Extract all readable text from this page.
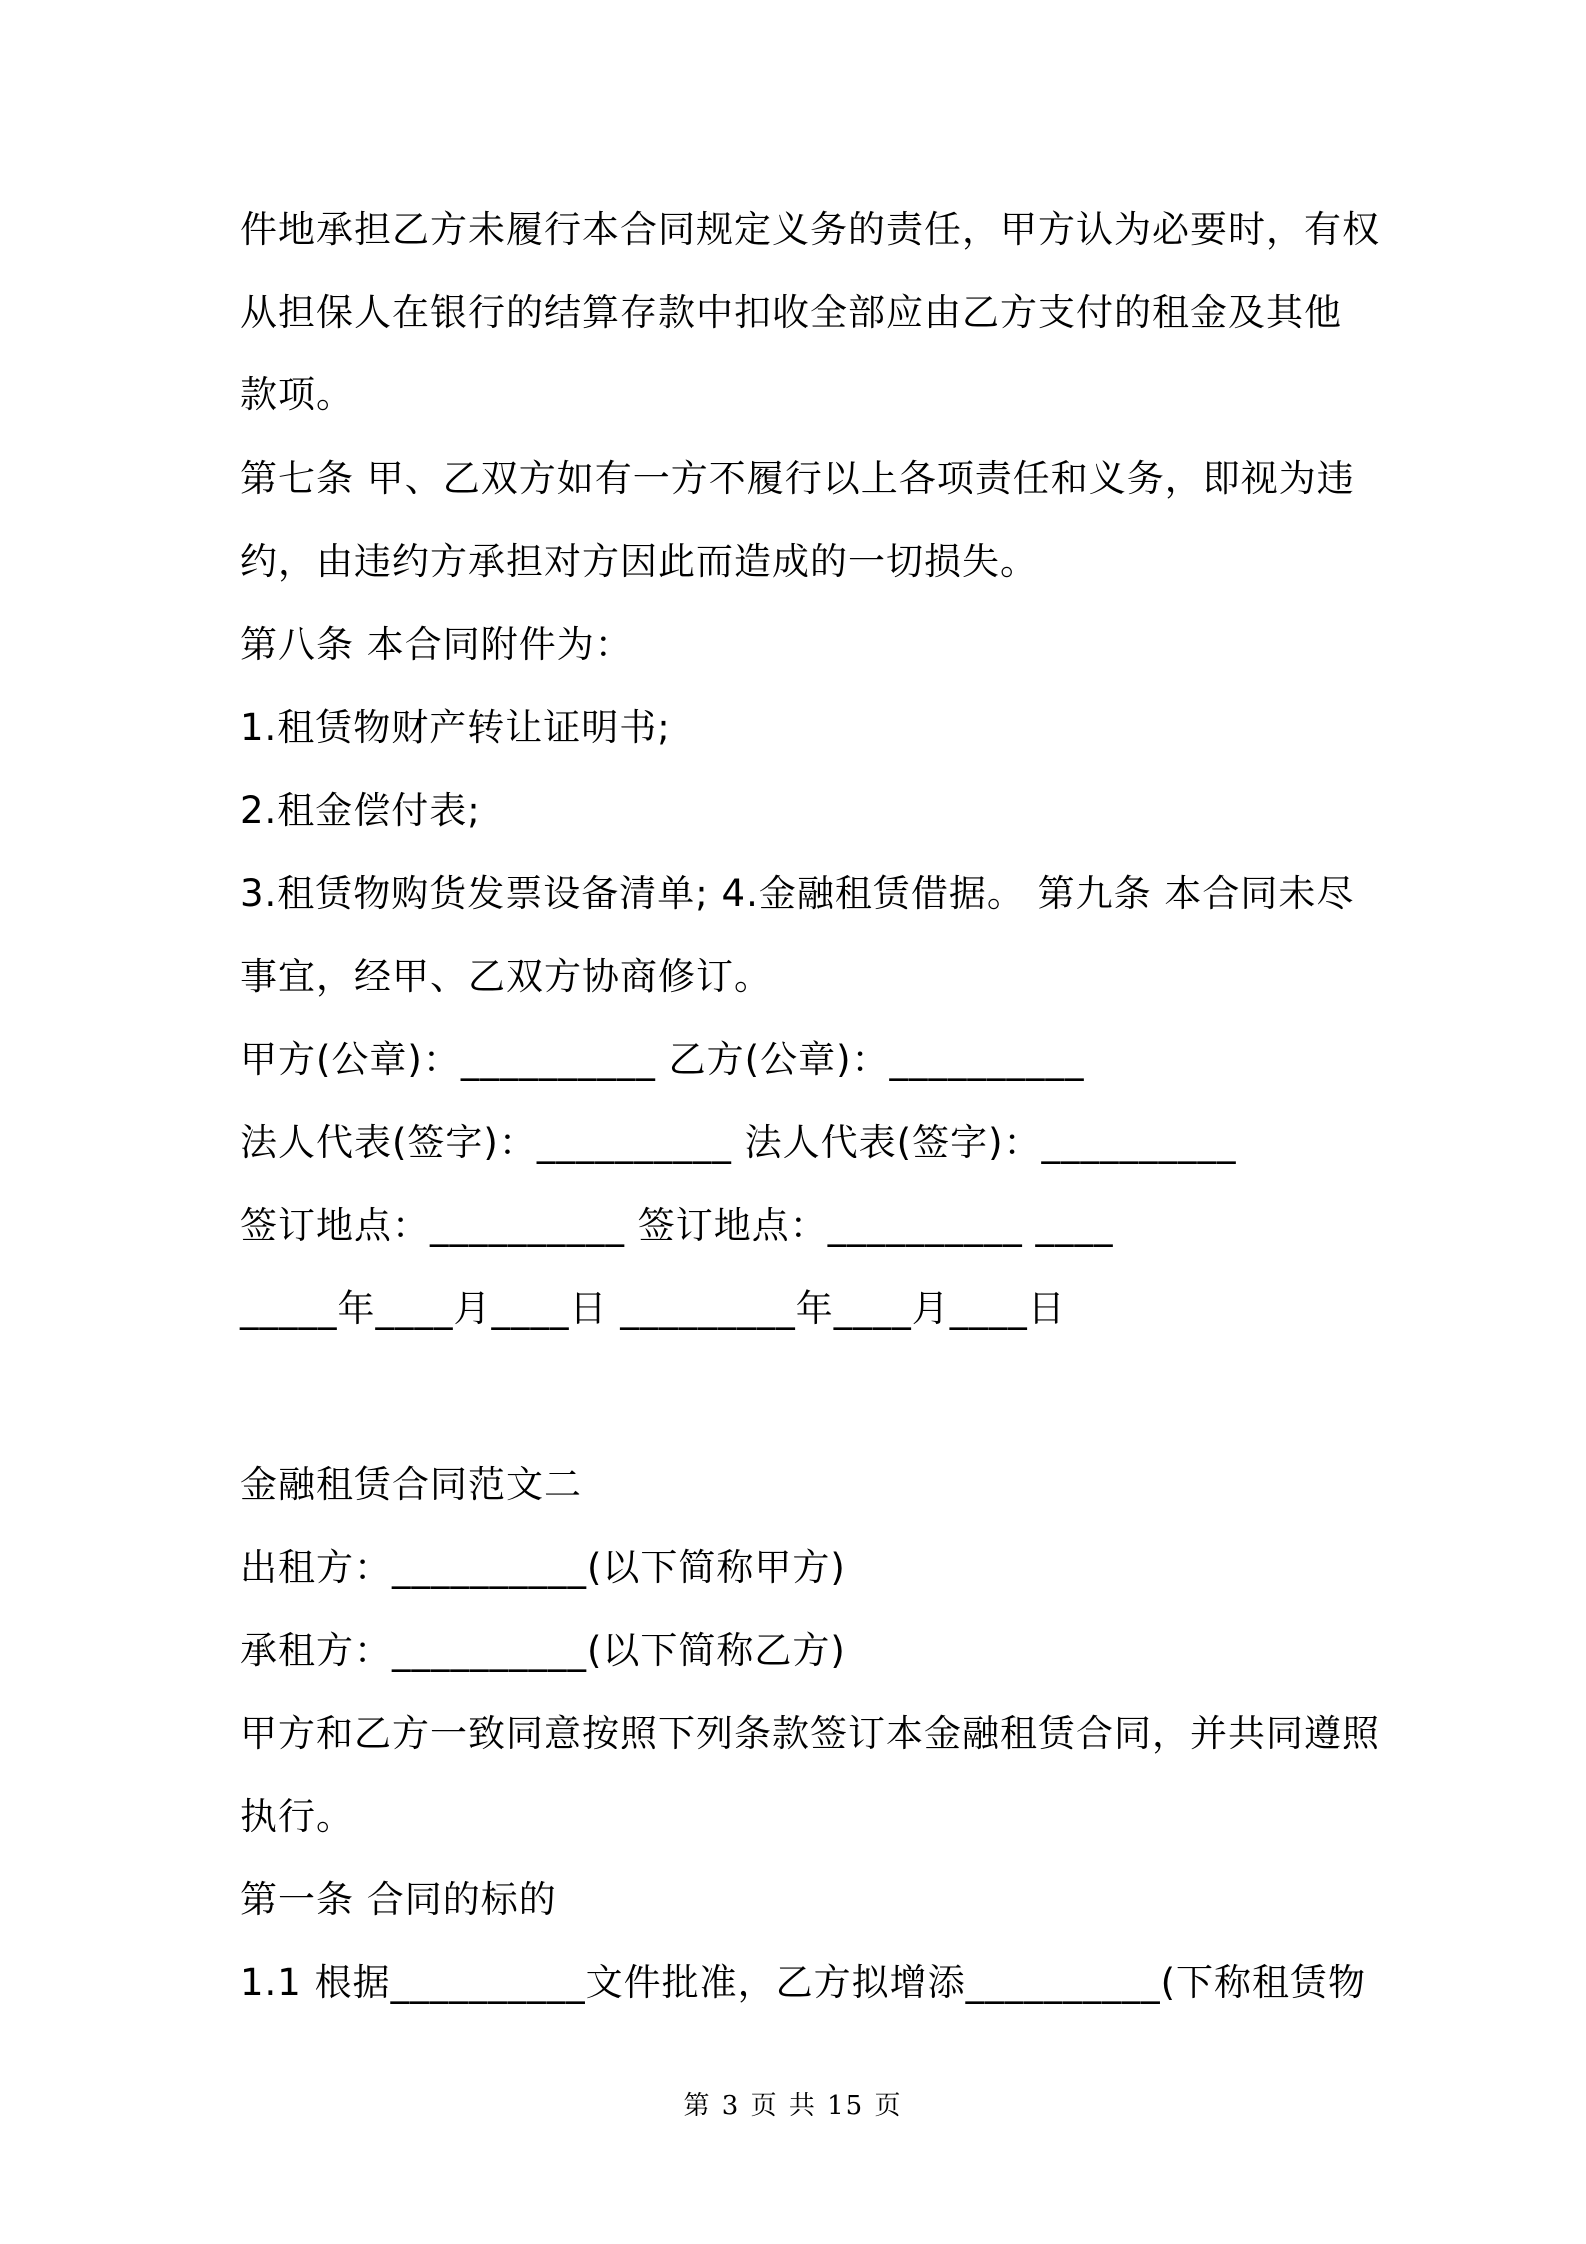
件地承担乙方未履行本合同规定义务的责任，甲方认为必要时，有权
从担保人在银行的结算存款中扣收全部应由乙方支付的租金及其他
款项。
第七条 甲、乙双方如有一方不履行以上各项责任和义务，即视为违
约，由违约方承担对方因此而造成的一切损失。
第八条 本合同附件为：
1.租赁物财产转让证明书;
2.租金偿付表;
3.租赁物购货发票设备清单; 4.金融租赁借据。 第九条 本合同未尽
事宜，经甲、乙双方协商修订。
甲方(公章)：__________ 乙方(公章)：__________
法人代表(签字)：__________ 法人代表(签字)：__________
签订地点：__________ 签订地点：__________ ____
_____年____月____日 _________年____月____日
金融租赁合同范文二
出租方：__________(以下简称甲方)
承租方：__________(以下简称乙方)
甲方和乙方一致同意按照下列条款签订本金融租赁合同，并共同遵照
执行。
第一条 合同的标的
1.1 根据__________文件批准，乙方拟增添__________(下称租赁物
第 3 页 共 15 页
